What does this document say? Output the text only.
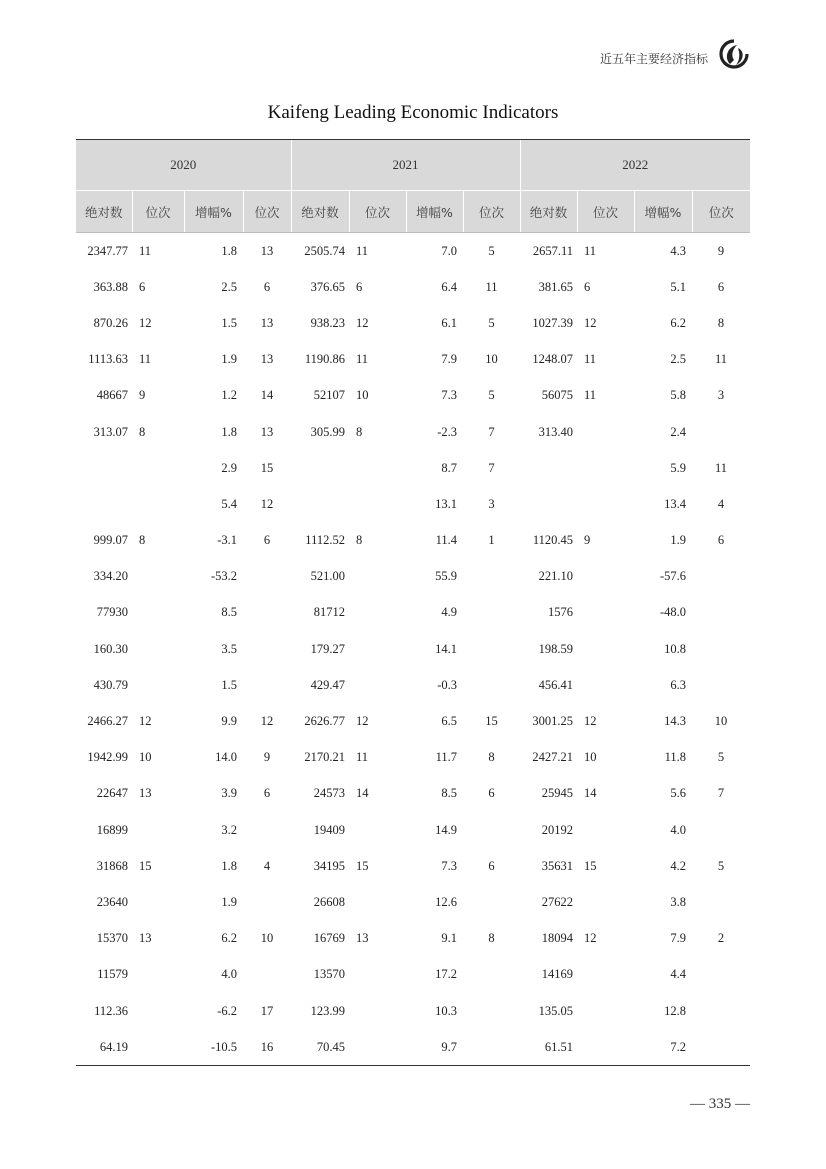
近五年主要经济指标
Kaifeng Leading Economic Indicators
2020				2021				2022			
绝对数	位次	增幅%	位次	绝对数	位次	增幅%	位次	绝对数	位次	增幅%	位次
2347.77	11	1.8	13	2505.74	11	7.0	5	2657.11	11	4.3	9
363.88	6	2.5	6	376.65	6	6.4	11	381.65	6	5.1	6
870.26	12	1.5	13	938.23	12	6.1	5	1027.39	12	6.2	8
1113.63	11	1.9	13	1190.86	11	7.9	10	1248.07	11	2.5	11
48667	9	1.2	14	52107	10	7.3	5	56075	11	5.8	3
313.07	8	1.8	13	305.99	8	-2.3	7	313.40		2.4	
		2.9	15			8.7	7			5.9	11
		5.4	12			13.1	3			13.4	4
999.07	8	-3.1	6	1112.52	8	11.4	1	1120.45	9	1.9	6
334.20		-53.2		521.00		55.9		221.10		-57.6	
77930		8.5		81712		4.9		1576		-48.0	
160.30		3.5		179.27		14.1		198.59		10.8	
430.79		1.5		429.47		-0.3		456.41		6.3	
2466.27	12	9.9	12	2626.77	12	6.5	15	3001.25	12	14.3	10
1942.99	10	14.0	9	2170.21	11	11.7	8	2427.21	10	11.8	5
22647	13	3.9	6	24573	14	8.5	6	25945	14	5.6	7
16899		3.2		19409		14.9		20192		4.0	
31868	15	1.8	4	34195	15	7.3	6	35631	15	4.2	5
23640		1.9		26608		12.6		27622		3.8	
15370	13	6.2	10	16769	13	9.1	8	18094	12	7.9	2
11579		4.0		13570		17.2		14169		4.4	
112.36		-6.2	17	123.99		10.3		135.05		12.8	
64.19		-10.5	16	70.45		9.7		61.51		7.2	
— 335 —
